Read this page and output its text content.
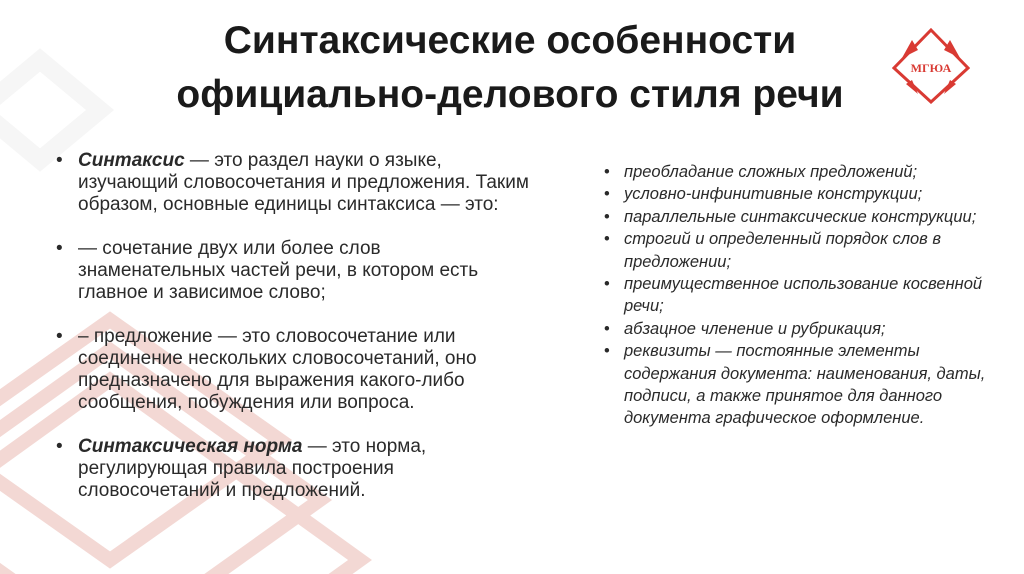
Синтаксические особенности
официально-делового стиля речи
МГЮА
• Синтаксис — это раздел науки о языке, изучающий словосочетания и предложения. Таким образом, основные единицы синтаксиса — это:
• — сочетание двух или более слов знаменательных частей речи, в котором есть главное и зависимое слово;
• – предложение — это словосочетание или соединение нескольких словосочетаний, оно предназначено для выражения какого-либо сообщения, побуждения или вопроса.
• Синтаксическая норма — это норма, регулирующая правила построения словосочетаний и предложений.
• преобладание сложных предложений;
• условно-инфинитивные конструкции;
• параллельные синтаксические конструкции;
• строгий и определенный порядок слов в предложении;
• преимущественное использование косвенной речи;
• абзацное членение и рубрикация;
• реквизиты — постоянные элементы содержания документа: наименования, даты, подписи, а также принятое для данного документа графическое оформление.
